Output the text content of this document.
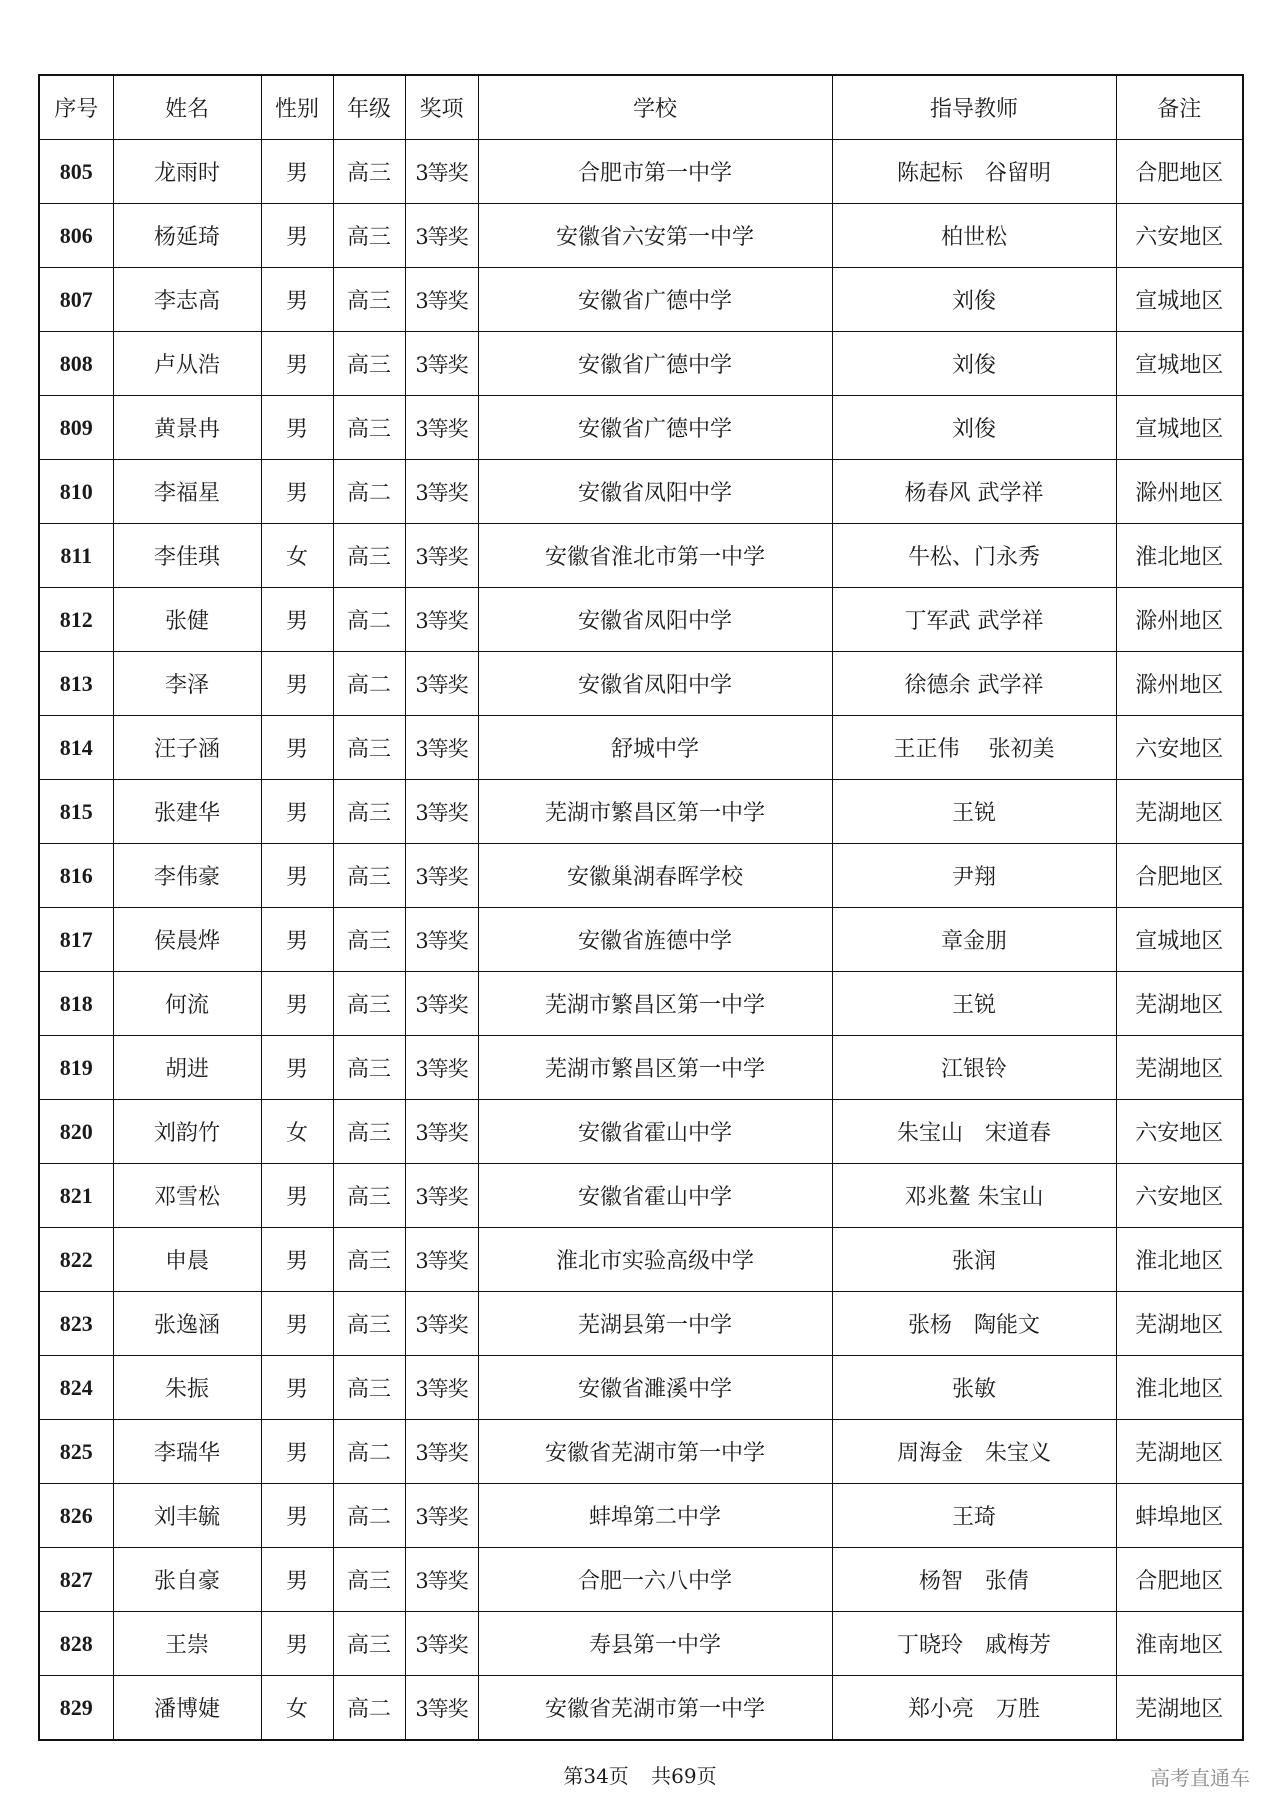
序号	姓名	性别	年级	奖项	学校	指导教师	备注
805	龙雨时	男	高三	3等奖	合肥市第一中学	陈起标　谷留明	合肥地区
806	杨延琦	男	高三	3等奖	安徽省六安第一中学	柏世松	六安地区
807	李志高	男	高三	3等奖	安徽省广德中学	刘俊	宣城地区
808	卢从浩	男	高三	3等奖	安徽省广德中学	刘俊	宣城地区
809	黄景冉	男	高三	3等奖	安徽省广德中学	刘俊	宣城地区
810	李福星	男	高二	3等奖	安徽省凤阳中学	杨春风 武学祥	滁州地区
811	李佳琪	女	高三	3等奖	安徽省淮北市第一中学	牛松、门永秀	淮北地区
812	张健	男	高二	3等奖	安徽省凤阳中学	丁军武 武学祥	滁州地区
813	李泽	男	高二	3等奖	安徽省凤阳中学	徐德余 武学祥	滁州地区
814	汪子涵	男	高三	3等奖	舒城中学	王正伟　 张初美	六安地区
815	张建华	男	高三	3等奖	芜湖市繁昌区第一中学	王锐	芜湖地区
816	李伟豪	男	高三	3等奖	安徽巢湖春晖学校	尹翔	合肥地区
817	侯晨烨	男	高三	3等奖	安徽省旌德中学	章金朋	宣城地区
818	何流	男	高三	3等奖	芜湖市繁昌区第一中学	王锐	芜湖地区
819	胡进	男	高三	3等奖	芜湖市繁昌区第一中学	江银铃	芜湖地区
820	刘韵竹	女	高三	3等奖	安徽省霍山中学	朱宝山　宋道春	六安地区
821	邓雪松	男	高三	3等奖	安徽省霍山中学	邓兆鳌 朱宝山	六安地区
822	申晨	男	高三	3等奖	淮北市实验高级中学	张润	淮北地区
823	张逸涵	男	高三	3等奖	芜湖县第一中学	张杨　陶能文	芜湖地区
824	朱振	男	高三	3等奖	安徽省濉溪中学	张敏	淮北地区
825	李瑞华	男	高二	3等奖	安徽省芜湖市第一中学	周海金　朱宝义	芜湖地区
826	刘丰毓	男	高二	3等奖	蚌埠第二中学	王琦	蚌埠地区
827	张自豪	男	高三	3等奖	合肥一六八中学	杨智　张倩	合肥地区
828	王崇	男	高三	3等奖	寿县第一中学	丁晓玲　戚梅芳	淮南地区
829	潘博婕	女	高二	3等奖	安徽省芜湖市第一中学	郑小亮　万胜	芜湖地区
第34页 共69页	高考直通车
